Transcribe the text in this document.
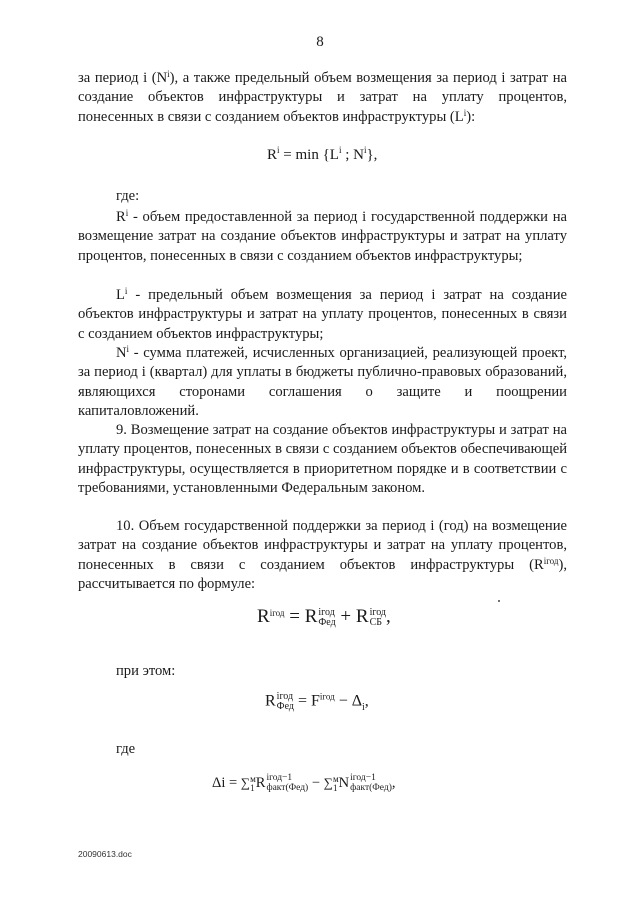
8
за период i $(N^i)$, а также предельный объем возмещения за период i затрат на создание объектов инфраструктуры и затрат на уплату процентов, понесенных в связи с созданием объектов инфраструктуры $(L^i)$:
$R^i = \min \{L^i$ ; $N^i$},
где:
$R^i$ - объем предоставленной за период i государственной поддержки на возмещение затрат на создание объектов инфраструктуры и затрат на уплату процентов, понесенных в связи с созданием объектов инфраструктуры;
$L^i$ - предельный объем возмещения за период i затрат на создание объектов инфраструктуры и затрат на уплату процентов, понесенных в связи с созданием объектов инфраструктуры;
$N^i$ - сумма платежей, исчисленных организацией, реализующей проект, за период i (квартал) для уплаты в бюджеты публично-правовых образований, являющихся сторонами соглашения о защите и поощрении капиталовложений.
9. Возмещение затрат на создание объектов инфраструктуры и затрат на уплату процентов, понесенных в связи с созданием объектов обеспечивающей инфраструктуры, осуществляется в приоритетном порядке и в соответствии с требованиями, установленными Федеральным законом.
10. Объем государственной поддержки за период i (год) на возмещение затрат на создание объектов инфраструктуры и затрат на уплату процентов, понесенных в связи с созданием объектов инфраструктуры $(R^{iгод})$, рассчитывается по формуле:
$R^{iгод} = R$ iгод
Фед + R iгод
СБ ,
при этом:
R iгод
Фед = $F^{iгод} - \Delta_i$,
где
Δi = ∑ м
1 R iгод−1
факт(Фед) − ∑ м
1 N iгод−1
факт(Фед) ,
20090613.doc
